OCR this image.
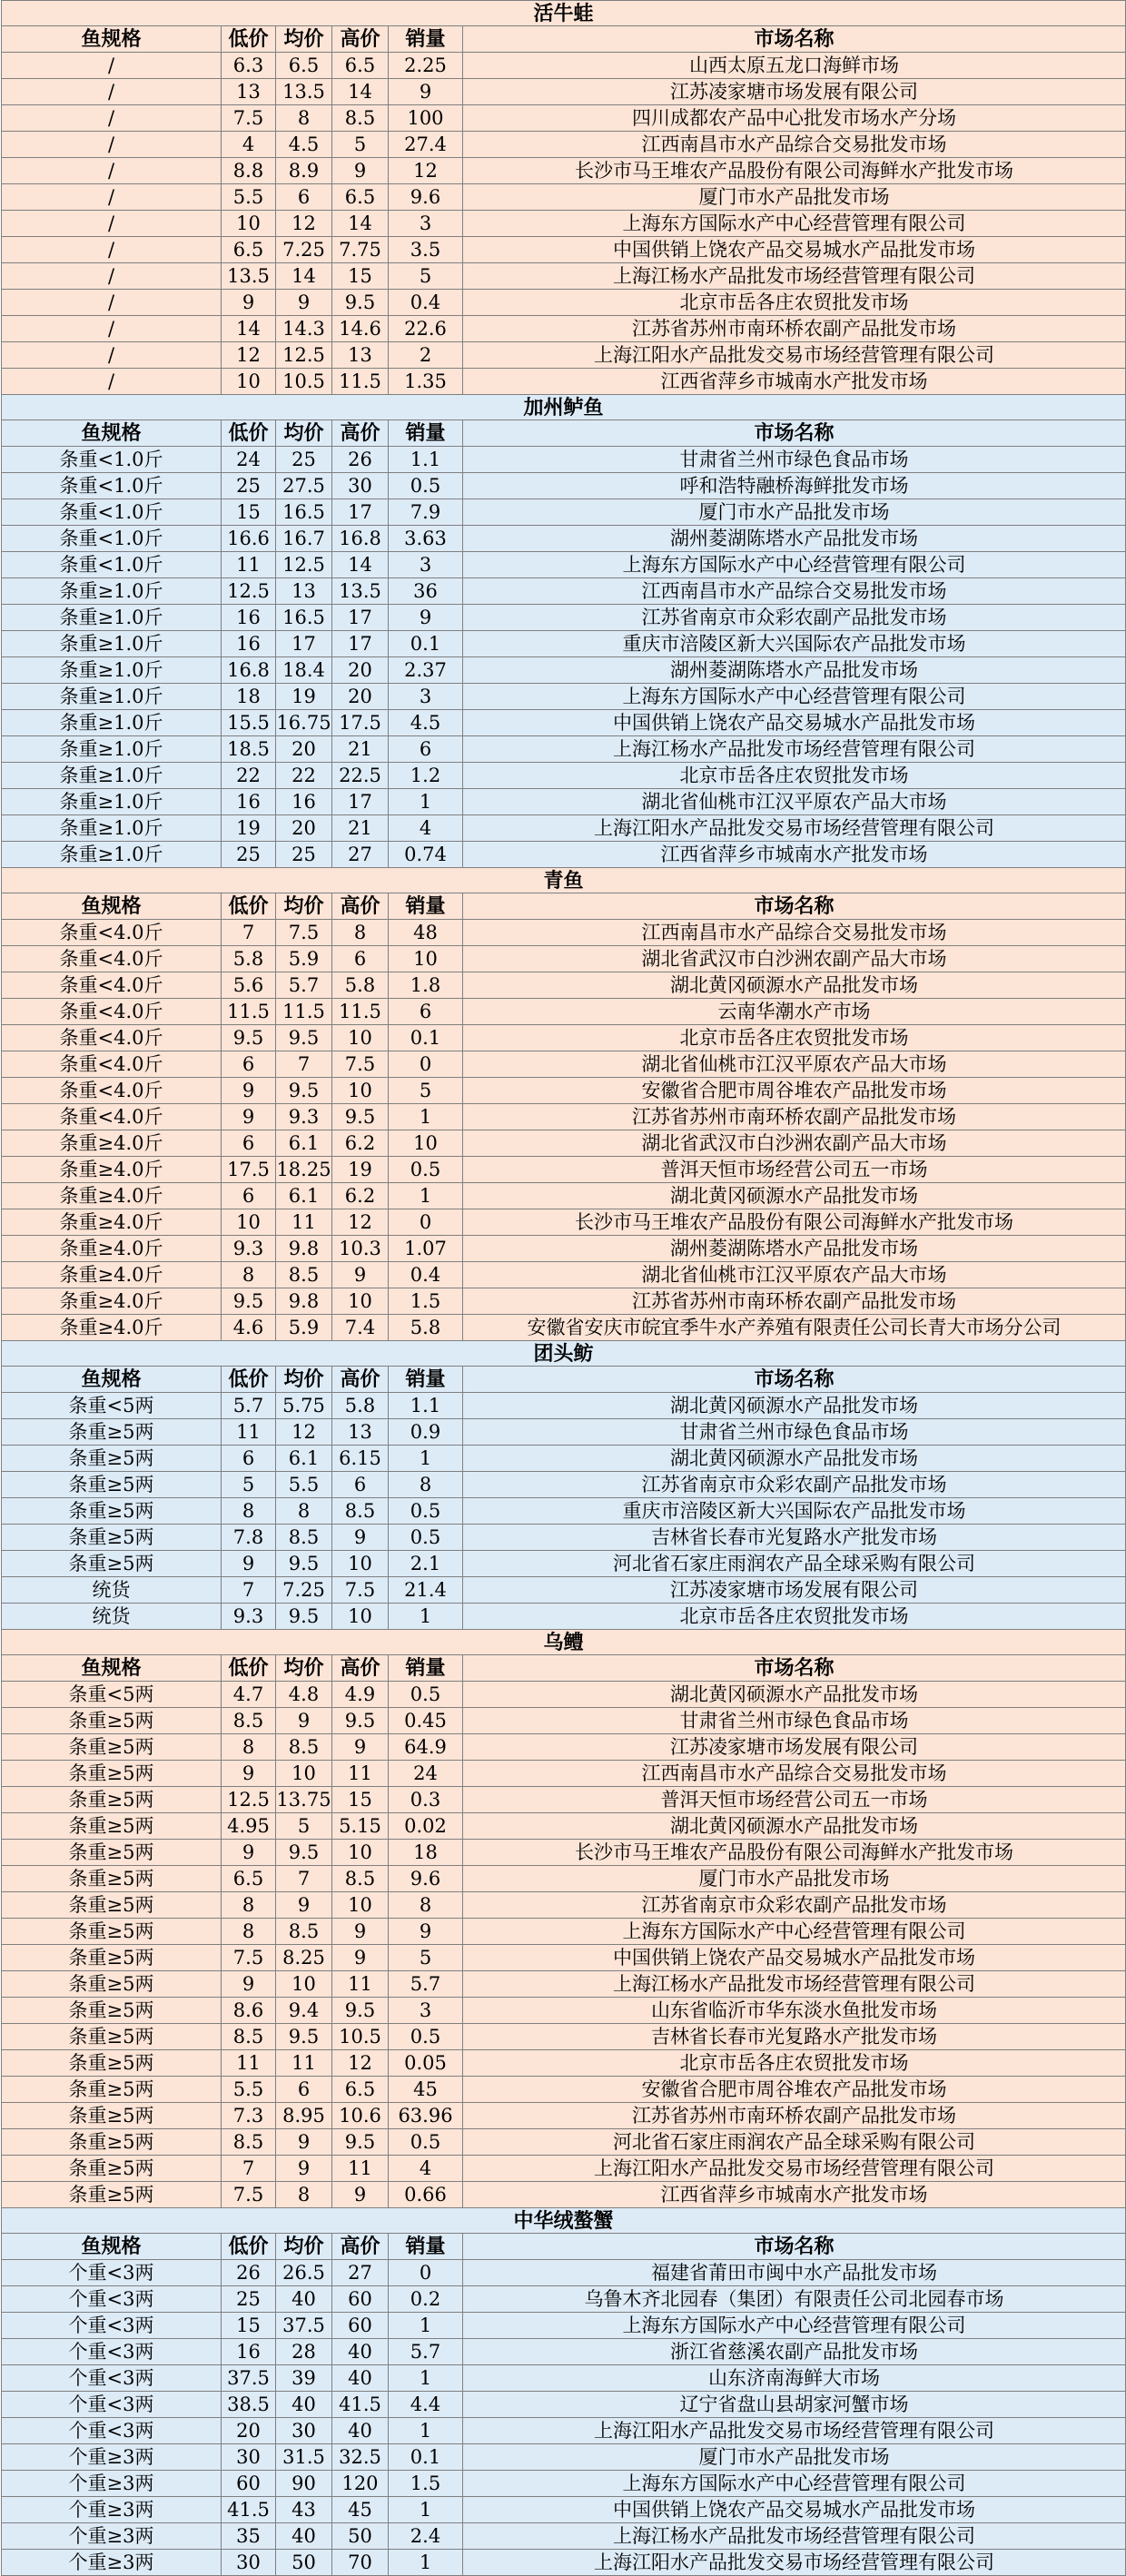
活牛蛙					
鱼规格	低价	均价	高价	销量	市场名称
/	6.3	6.5	6.5	2.25	山西太原五龙口海鲜市场
/	13	13.5	14	9	江苏凌家塘市场发展有限公司
/	7.5	8	8.5	100	四川成都农产品中心批发市场水产分场
/	4	4.5	5	27.4	江西南昌市水产品综合交易批发市场
/	8.8	8.9	9	12	长沙市马王堆农产品股份有限公司海鲜水产批发市场
/	5.5	6	6.5	9.6	厦门市水产品批发市场
/	10	12	14	3	上海东方国际水产中心经营管理有限公司
/	6.5	7.25	7.75	3.5	中国供销上饶农产品交易城水产品批发市场
/	13.5	14	15	5	上海江杨水产品批发市场经营管理有限公司
/	9	9	9.5	0.4	北京市岳各庄农贸批发市场
/	14	14.3	14.6	22.6	江苏省苏州市南环桥农副产品批发市场
/	12	12.5	13	2	上海江阳水产品批发交易市场经营管理有限公司
/	10	10.5	11.5	1.35	江西省萍乡市城南水产批发市场
加州鲈鱼					
鱼规格	低价	均价	高价	销量	市场名称
条重<1.0斤	24	25	26	1.1	甘肃省兰州市绿色食品市场
条重<1.0斤	25	27.5	30	0.5	呼和浩特融桥海鲜批发市场
条重<1.0斤	15	16.5	17	7.9	厦门市水产品批发市场
条重<1.0斤	16.6	16.7	16.8	3.63	湖州菱湖陈塔水产品批发市场
条重<1.0斤	11	12.5	14	3	上海东方国际水产中心经营管理有限公司
条重≥1.0斤	12.5	13	13.5	36	江西南昌市水产品综合交易批发市场
条重≥1.0斤	16	16.5	17	9	江苏省南京市众彩农副产品批发市场
条重≥1.0斤	16	17	17	0.1	重庆市涪陵区新大兴国际农产品批发市场
条重≥1.0斤	16.8	18.4	20	2.37	湖州菱湖陈塔水产品批发市场
条重≥1.0斤	18	19	20	3	上海东方国际水产中心经营管理有限公司
条重≥1.0斤	15.5	16.75	17.5	4.5	中国供销上饶农产品交易城水产品批发市场
条重≥1.0斤	18.5	20	21	6	上海江杨水产品批发市场经营管理有限公司
条重≥1.0斤	22	22	22.5	1.2	北京市岳各庄农贸批发市场
条重≥1.0斤	16	16	17	1	湖北省仙桃市江汉平原农产品大市场
条重≥1.0斤	19	20	21	4	上海江阳水产品批发交易市场经营管理有限公司
条重≥1.0斤	25	25	27	0.74	江西省萍乡市城南水产批发市场
青鱼					
鱼规格	低价	均价	高价	销量	市场名称
条重<4.0斤	7	7.5	8	48	江西南昌市水产品综合交易批发市场
条重<4.0斤	5.8	5.9	6	10	湖北省武汉市白沙洲农副产品大市场
条重<4.0斤	5.6	5.7	5.8	1.8	湖北黄冈硕源水产品批发市场
条重<4.0斤	11.5	11.5	11.5	6	云南华潮水产市场
条重<4.0斤	9.5	9.5	10	0.1	北京市岳各庄农贸批发市场
条重<4.0斤	6	7	7.5	0	湖北省仙桃市江汉平原农产品大市场
条重<4.0斤	9	9.5	10	5	安徽省合肥市周谷堆农产品批发市场
条重<4.0斤	9	9.3	9.5	1	江苏省苏州市南环桥农副产品批发市场
条重≥4.0斤	6	6.1	6.2	10	湖北省武汉市白沙洲农副产品大市场
条重≥4.0斤	17.5	18.25	19	0.5	普洱天恒市场经营公司五一市场
条重≥4.0斤	6	6.1	6.2	1	湖北黄冈硕源水产品批发市场
条重≥4.0斤	10	11	12	0	长沙市马王堆农产品股份有限公司海鲜水产批发市场
条重≥4.0斤	9.3	9.8	10.3	1.07	湖州菱湖陈塔水产品批发市场
条重≥4.0斤	8	8.5	9	0.4	湖北省仙桃市江汉平原农产品大市场
条重≥4.0斤	9.5	9.8	10	1.5	江苏省苏州市南环桥农副产品批发市场
条重≥4.0斤	4.6	5.9	7.4	5.8	安徽省安庆市皖宜季牛水产养殖有限责任公司长青大市场分公司
团头鲂					
鱼规格	低价	均价	高价	销量	市场名称
条重<5两	5.7	5.75	5.8	1.1	湖北黄冈硕源水产品批发市场
条重≥5两	11	12	13	0.9	甘肃省兰州市绿色食品市场
条重≥5两	6	6.1	6.15	1	湖北黄冈硕源水产品批发市场
条重≥5两	5	5.5	6	8	江苏省南京市众彩农副产品批发市场
条重≥5两	8	8	8.5	0.5	重庆市涪陵区新大兴国际农产品批发市场
条重≥5两	7.8	8.5	9	0.5	吉林省长春市光复路水产批发市场
条重≥5两	9	9.5	10	2.1	河北省石家庄雨润农产品全球采购有限公司
统货	7	7.25	7.5	21.4	江苏凌家塘市场发展有限公司
统货	9.3	9.5	10	1	北京市岳各庄农贸批发市场
乌鳢					
鱼规格	低价	均价	高价	销量	市场名称
条重<5两	4.7	4.8	4.9	0.5	湖北黄冈硕源水产品批发市场
条重≥5两	8.5	9	9.5	0.45	甘肃省兰州市绿色食品市场
条重≥5两	8	8.5	9	64.9	江苏凌家塘市场发展有限公司
条重≥5两	9	10	11	24	江西南昌市水产品综合交易批发市场
条重≥5两	12.5	13.75	15	0.3	普洱天恒市场经营公司五一市场
条重≥5两	4.95	5	5.15	0.02	湖北黄冈硕源水产品批发市场
条重≥5两	9	9.5	10	18	长沙市马王堆农产品股份有限公司海鲜水产批发市场
条重≥5两	6.5	7	8.5	9.6	厦门市水产品批发市场
条重≥5两	8	9	10	8	江苏省南京市众彩农副产品批发市场
条重≥5两	8	8.5	9	9	上海东方国际水产中心经营管理有限公司
条重≥5两	7.5	8.25	9	5	中国供销上饶农产品交易城水产品批发市场
条重≥5两	9	10	11	5.7	上海江杨水产品批发市场经营管理有限公司
条重≥5两	8.6	9.4	9.5	3	山东省临沂市华东淡水鱼批发市场
条重≥5两	8.5	9.5	10.5	0.5	吉林省长春市光复路水产批发市场
条重≥5两	11	11	12	0.05	北京市岳各庄农贸批发市场
条重≥5两	5.5	6	6.5	45	安徽省合肥市周谷堆农产品批发市场
条重≥5两	7.3	8.95	10.6	63.96	江苏省苏州市南环桥农副产品批发市场
条重≥5两	8.5	9	9.5	0.5	河北省石家庄雨润农产品全球采购有限公司
条重≥5两	7	9	11	4	上海江阳水产品批发交易市场经营管理有限公司
条重≥5两	7.5	8	9	0.66	江西省萍乡市城南水产批发市场
中华绒螯蟹					
鱼规格	低价	均价	高价	销量	市场名称
个重<3两	26	26.5	27	0	福建省莆田市闽中水产品批发市场
个重<3两	25	40	60	0.2	乌鲁木齐北园春（集团）有限责任公司北园春市场
个重<3两	15	37.5	60	1	上海东方国际水产中心经营管理有限公司
个重<3两	16	28	40	5.7	浙江省慈溪农副产品批发市场
个重<3两	37.5	39	40	1	山东济南海鲜大市场
个重<3两	38.5	40	41.5	4.4	辽宁省盘山县胡家河蟹市场
个重<3两	20	30	40	1	上海江阳水产品批发交易市场经营管理有限公司
个重≥3两	30	31.5	32.5	0.1	厦门市水产品批发市场
个重≥3两	60	90	120	1.5	上海东方国际水产中心经营管理有限公司
个重≥3两	41.5	43	45	1	中国供销上饶农产品交易城水产品批发市场
个重≥3两	35	40	50	2.4	上海江杨水产品批发市场经营管理有限公司
个重≥3两	30	50	70	1	上海江阳水产品批发交易市场经营管理有限公司
